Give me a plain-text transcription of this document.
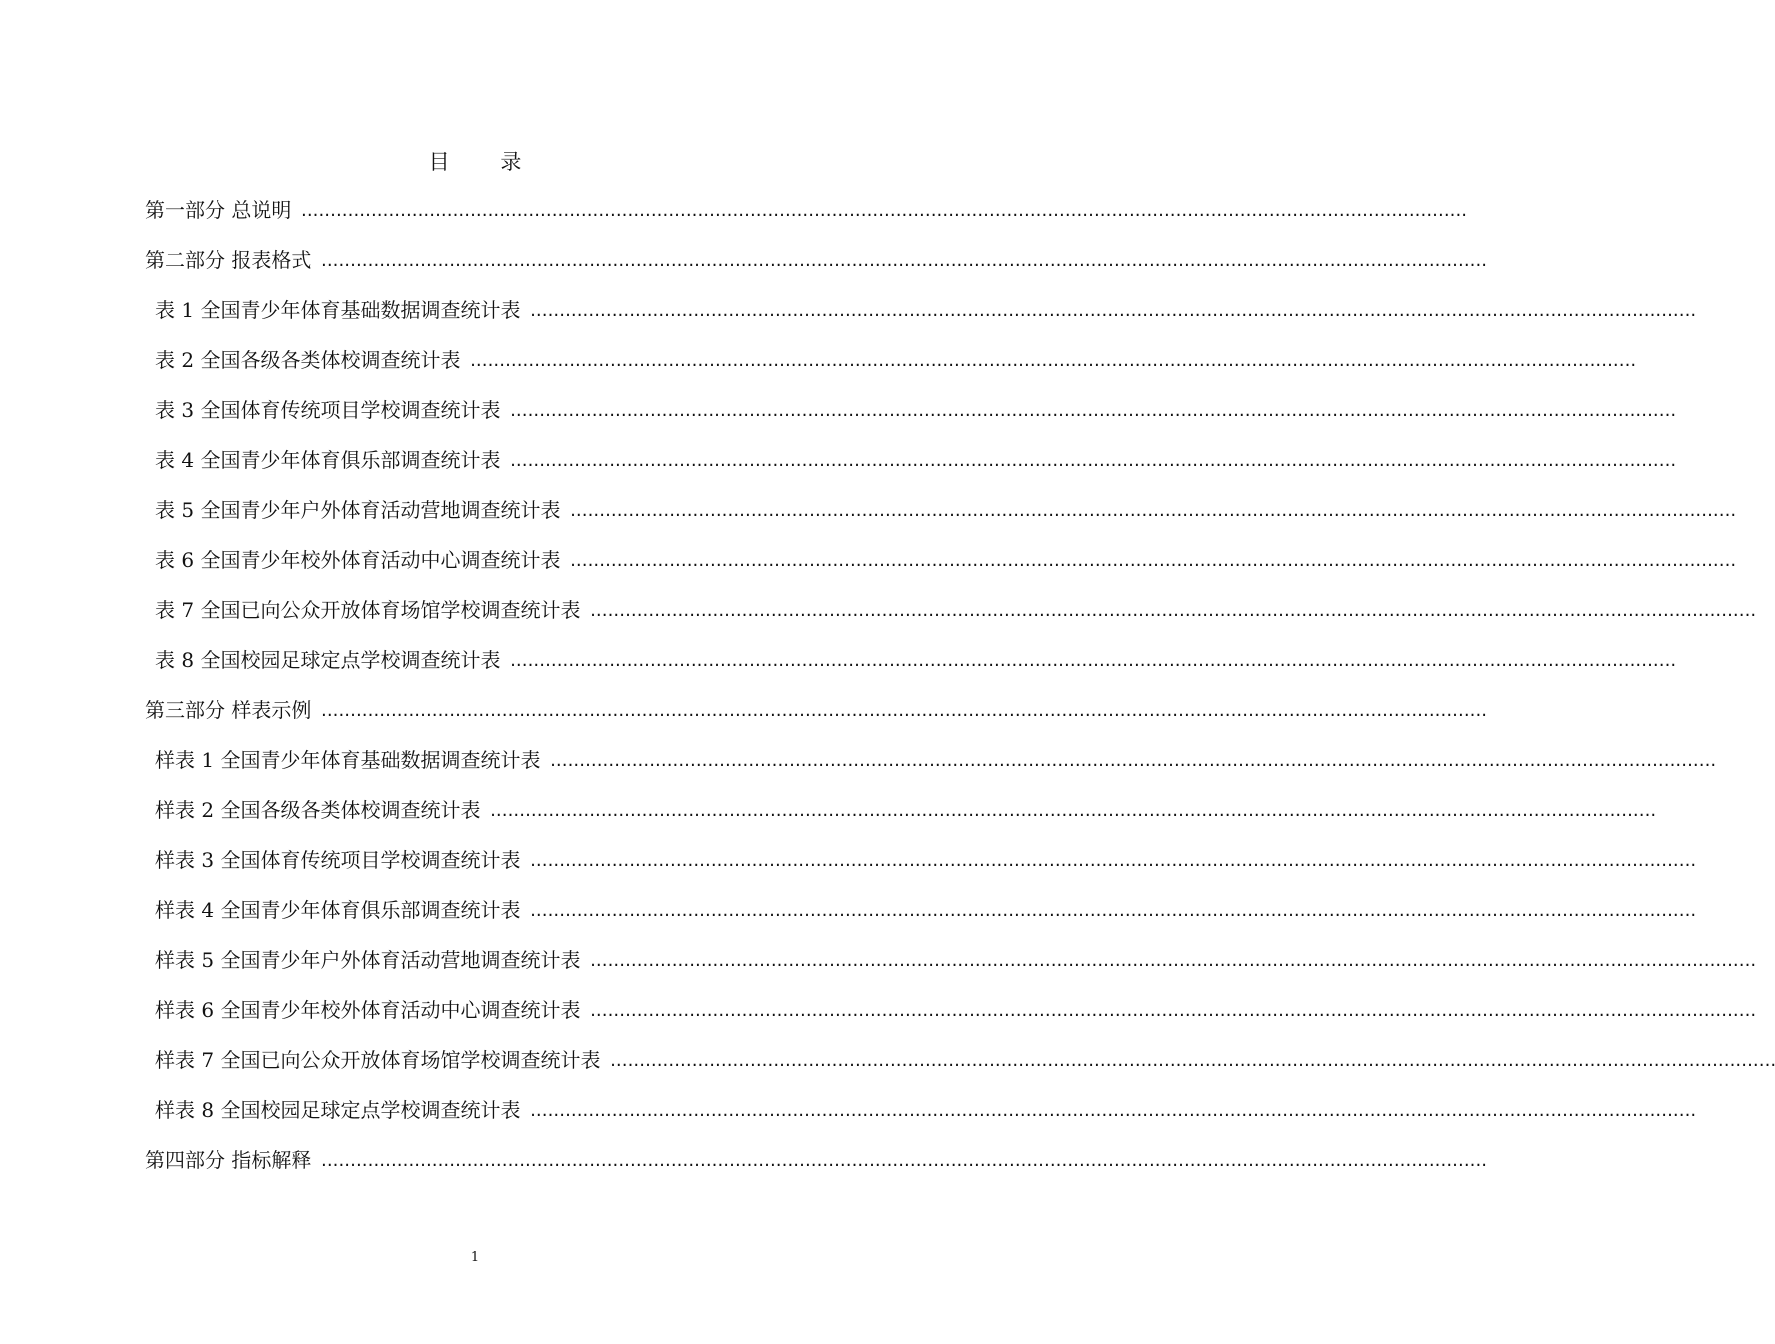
目 录
第一部分 总说明 ........................................................................................................................................................................................................
第二部分 报表格式 ........................................................................................................................................................................................................
表 1 全国青少年体育基础数据调查统计表 ........................................................................................................................................................................................................
表 2 全国各级各类体校调查统计表 ........................................................................................................................................................................................................
表 3 全国体育传统项目学校调查统计表 ........................................................................................................................................................................................................
表 4 全国青少年体育俱乐部调查统计表 ........................................................................................................................................................................................................
表 5 全国青少年户外体育活动营地调查统计表 ........................................................................................................................................................................................................
表 6 全国青少年校外体育活动中心调查统计表 ........................................................................................................................................................................................................
表 7 全国已向公众开放体育场馆学校调查统计表 ........................................................................................................................................................................................................
表 8 全国校园足球定点学校调查统计表 ........................................................................................................................................................................................................
第三部分 样表示例 ........................................................................................................................................................................................................
样表 1 全国青少年体育基础数据调查统计表 ........................................................................................................................................................................................................
样表 2 全国各级各类体校调查统计表 ........................................................................................................................................................................................................
样表 3 全国体育传统项目学校调查统计表 ........................................................................................................................................................................................................
样表 4 全国青少年体育俱乐部调查统计表 ........................................................................................................................................................................................................
样表 5 全国青少年户外体育活动营地调查统计表 ........................................................................................................................................................................................................
样表 6 全国青少年校外体育活动中心调查统计表 ........................................................................................................................................................................................................
样表 7 全国已向公众开放体育场馆学校调查统计表 ........................................................................................................................................................................................................
样表 8 全国校园足球定点学校调查统计表 ........................................................................................................................................................................................................
第四部分 指标解释 ........................................................................................................................................................................................................
1
